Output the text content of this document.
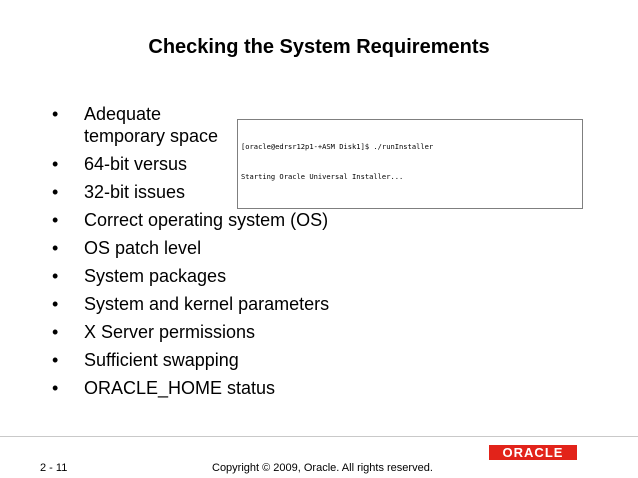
Checking the System Requirements
•	Adequate temporary space
•	64-bit versus
•	32-bit issues
•	Correct operating system (OS)
•	OS patch level
•	System packages
•	System and kernel parameters
•	X Server permissions
•	Sufficient swapping
•	ORACLE_HOME status

[oracle@edrsr12p1-+ASM Disk1]$ ./runInstaller

Starting Oracle Universal Installer...

ORACLE
2 - 11	Copyright © 2009, Oracle. All rights reserved.
